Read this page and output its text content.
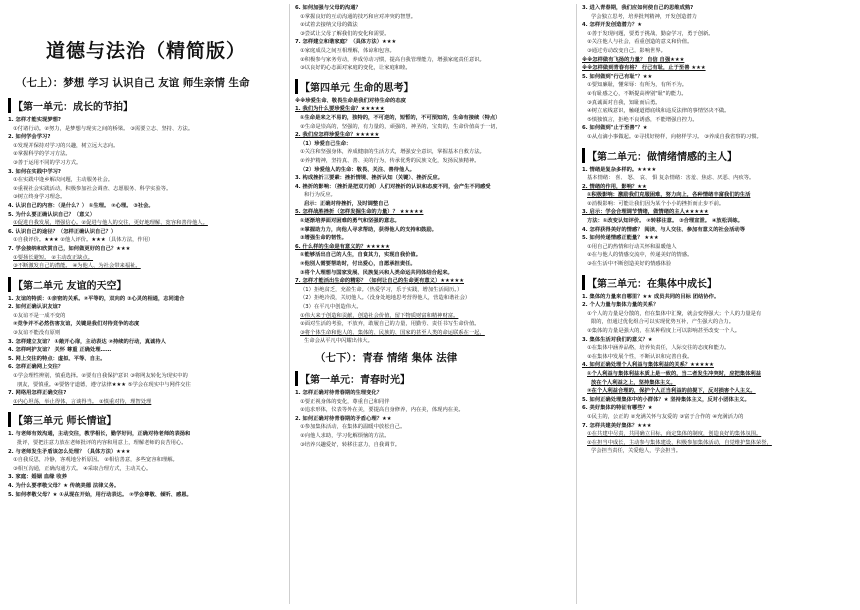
道德与法治（精简版）
（七上）：梦想 学习 认识自己 友谊 师生亲情 生命
【第一单元：成长的节拍】
1. 怎样才能实现梦想?
①付诸行动。②努力，是梦想与现实之间的桥梁。 ③需要立志、坚持、方法。
2. 如何学会学习?
①发现并保持对学习的兴趣，树立远大志向。
②掌握科学的学习方法。
③善于运用不同的学习方式。
3. 如何在实践中学习?
①在实践中逢乡解决问题，主动服务社会。
②重视社会实践活动，积极参加社会调查、志愿服务、科学实验等。
③树立终身学习理念。
4. 认识自己的内容：（是什么？） ①生理。 ②心理。 ③社会。
5. 为什么要正确认识自己？（意义）
①促进自我发展，增强信心。②促进与他人的交往，更好地理解、宽容和善待他人。
6. 认识自己的途径？（怎样正确认识自己？）
①自我评价。★★★ ②他人评价。★★★（具体方法，作用）
7. 学会接纳和欣赏自己，如何做更好的自己？★★★
①要扬长避短。 ②主动改正缺点。
③不断激发自己的潜能。 ④为他人、为社会带来福祉。
【第二单元 友谊的天空】
1. 友谊的特质：①亲密的关系。②平等的，双向的 ③心灵的相通，志同道合
2. 如何正确认识友谊?
①友谊不是一成不变的
②竞争并不必然伤害友谊，关键是我们对待竞争的态度
③友谊不能没有原则
3. 怎样建立友谊？ ①敞开心扉，主动表达 ②持续的行动，真诚待人
4. 怎样呵护友谊？ 关怀 尊重 正确处理……
5. 网上交往的特点：虚拟、平等、自主。
6. 怎样正确网上交往？
①学会理性辨别，慎重选择。②要有自我保护意识 ③将网友转化为现实中的
朋友，要慎重。④要恪守道德，遵守法律★★★ ⑤学会在现实中与网件交往
7. 网络用怎样正确交往?
①内心坦荡，举止得体，言谈得当。 ②慎重对待，理智处理
【第三单元 师长情谊】
1. 与老师有效沟通，主动交往，教学相长，勤学好问，正确对待老师的表扬和
批评，要把注意力放在老师批评的内容和用意上，理解老师的良苦用心。
2. 与老师发生矛盾该怎么处理？（具体方法）★★★
①自我反思，冷静，客观地分析原因。 ②相信善意，多些宽容和理解。
③相互沟通，正确沟通方式。 ④采取合理方式，主动关心。
3. 家庭：婚姻 血缘 收养
4. 为什么要孝敬父母？★ 传统美德 法律义务。
5. 如何孝敬父母？★ ①从现在开始，用行动表达。 ②学会尊敬、倾听、感恩。
6. 如何加强与父母的沟通？
①掌握良好的互动沟通的技巧和应对冲突的智慧。
②试着去接纳父母的做法
③尝试让父母了解我们的变化和需要。
7. 怎样建立和谐家庭？（具体方法）★★★
①家庭成员之间互相理解，体谅和包容。
②积极参与家务劳动，养成劳动习惯，提高自我管理能力，增强家庭责任意识。
③以良好的心态面对家庭的变化，让家庭和睦。
【第四单元 生命的思考】
※※珍爱生命、敬畏生命是我们对待生命的态度
1. 我们为什么要珍爱生命？★★★★★
①生命是来之不易的，独特的，不可逆的，短暂的，不可预知的，生命有接续（特点）
②生命是崇高的，坚强的，有力量的，顽强的，神圣的，宝贵的，生命价值高于一切，
2. 我们应怎样珍爱生命？★★★★★
（1）珍爱自己生命：
①关注和坚强身体，养成健康的生活方式，增强安全意识，掌握基本自救方法。
②养护精神，坚持真、善、美的行为，传承优秀的民族文化，发扬民族精神。
（2）珍爱他人的生命：敬畏、关注、善待他人。
3. 构成挫折三要素：挫折情境、挫折认知（关键）、挫折反应。
4. 挫折的影响：（挫折是把双刃剑）人们对挫折的认识和态度不同，会产生不同感受
和行为反应。
启示：正确对待挫折，及时调整自己
5. 怎样战胜挫折（怎样发掘生命的力量）？ ★★★★★
①逐渐培养面对困难的勇气和坚强的意志。
②掌握助力力，向他人寻求帮助，获得他人的支持和鼓励。
③增强生命的韧性。
6. 什么样的生命是有意义的？★★★★★
①能够活出自己的人生，自食其力，实现自我价值。
②他别人需要帮助时，付出爱心，自愿承担责任。
③将个人理想与国家发展、民族复兴和人类命运共同体结合起来。
7. 怎样才能活出生命的精彩？（如何让自己的生命更有意义）★★★★★
（1）拒绝贫乏，充盈生命。（热爱学习，乐于实践，增加生活阅历。）
（2）拒绝冷漠，关切他人。（没身处地地思考营得他人，营造和谐社会）
（3）在平凡中创造伟大。
①伟大来于创造和贡献，创造社会价值，留下物质财富和精神财富。
②面对生活的考验，不放弃，敢履自己的力量，用勤劳、责任书写生命价值。
③将个体生命和他人的、集体的、民族的、国家的甚至人类的命运联系在一起，
生命会从平凡中闪耀出伟大。
（七下）：青春 情绪 集体 法律
【第一单元：青春时光】
1. 怎样正确对待青春期的生理变化？
①要正视身体的变化，尊重自己和同伴
②追求形体，仪表等外在美，要提高自身修养，内在美，体现内在美。
2. 如何正确对待青春期的矛盾心理？★★
①参加集体活动，在集体的温暖中放松自己。
②向他人求助，学习化解烦恼的方法。
③培养兴趣爱好，转移注意力，自我调节。
3. 进入青春期，我们应如何使自己的思维成熟?
学会独立思考，培养批判精神，开发创造潜力
4. 怎样开发创造潜力？★
①善于发现问题，要勇于挑战，勤奋学习，勇于创新。
②关注他人与社会，看重创造的意义和价值。
③通过劳动改变自己，影响世界。
※※怎样做有飞扬的力量？ 自信 自强★★★
※※怎样做到青春有格？ 行己有耻，止于至善 ★★★
5. 如何做到"行己有耻"？★★
①要知廉耻，懂荣辱：有所为，有所不为。
②有耻感之心，不断提高辨别"耻"的能力。
③真诚面对自我，知耻而后勇。
④树立底线意识，触碰道德底线和违反法律的事情坚决不做。
⑤慎独慎言，拒绝不良诱惑，不能增强自控力。
6. 如何做到"止于至善"？★
①从点滴小事做起。②寻找好榜样，向榜样学习。 ③养成自我省察的习惯。
【第二单元：做情绪情感的主人】
1. 情绪是复杂多样的。★★★★
基本情绪： 喜、 怒、 哀、 惧 复杂情绪：害羞、焦虑、厌恶、内疚等。
2. 情绪的作用，影响？★★
①积极影响：激励我们克服困难，努力向上，各种情绪丰富我们的生活
②消极影响：可能让我们因为某个小小的挫折而止步不前。
3. 启示：学会合理调节情绪，做情绪的主人★★★★★
方法：①改变认知评价。 ②转移注意。 ③合理宣泄。 ④放松训练。
4. 怎样获得美好的情感？ 阅读、与人交往、参加有意义的社会活动等
5. 如何传递情感正能量？ ★★★
①用自己的热情和行动关怀和温暖他人
②在与他人的情感交流中，传递美好的情感。
③在生活中不断创造美好的情感体验
【第三单元：在集体中成长】
1. 集体的力量来自哪里？★★ 成员共同的目标 团结协作。
2. 个人力量与集体力量的关系？
①个人的力量是分散的，但在集体中汇聚，就会变得强大；个人的力量是有
限的，但通过优化组合可以实现优势互补，产生强大的合力。
②集体的力量是强大的，在某种程度上可以影响甚至改变一个人。
3. 集体生活对我们的意义？★
①在集体中涵养品格，培养负责任，人际交往的态度和能力。
②在集体中发展个性，不断认识和完善自我。
4. 如何正确处理个人利益与集体利益的关系？★★★★★
①个人利益与集体利益本质上是一致的，当二者发生冲突时，应把集体利益
放在个人利益之上，坚持集体主义。
②在个人利益合理的，保护个人正当利益的前提下，反对损害个人主义。
5. 如何正确处理集体中的小群体？★ 坚持集体主义，反对小团体主义。
6. 美好集体的特征有哪些？★
①民主的，公正的 ②充满关怀与友爱的 ③富于合作的 ④充满活力的
7. 怎样共建美好集体？★★★
①在共建中尽责，共同确立目标，商定集体的制度，创造良好的集体氛围。
②在担当中成长，主动参与集体建设，积极参加集体活动，自觉维护集体荣誉，
学会担当责任，关爱他人，学会担当。
